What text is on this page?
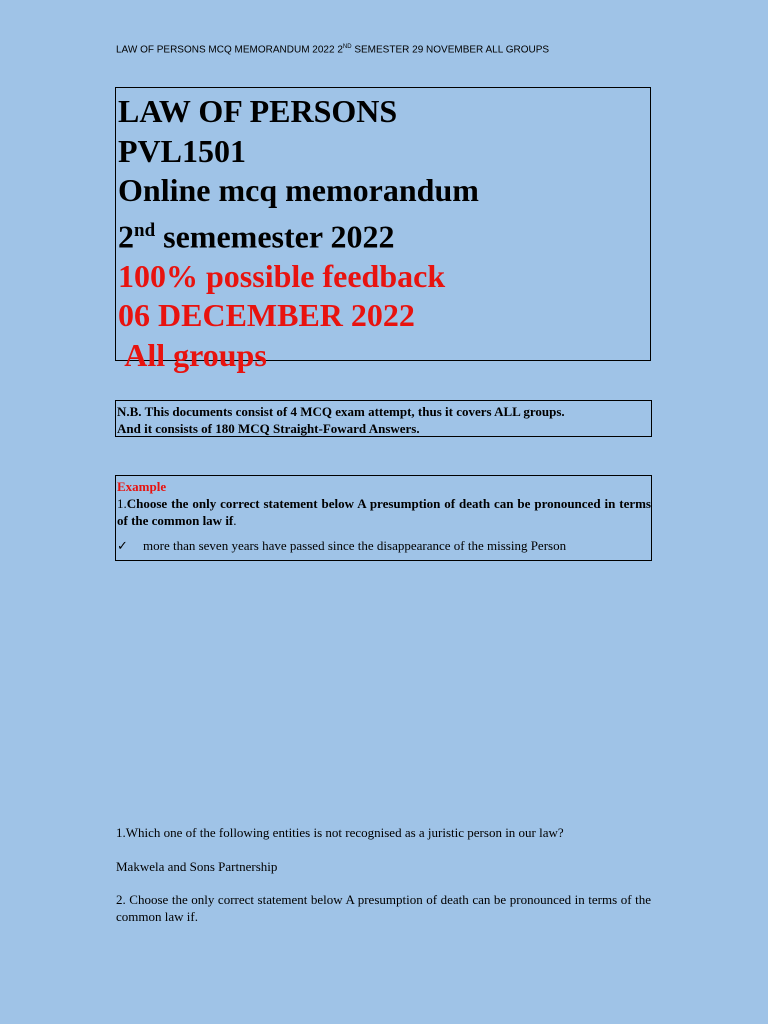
LAW OF PERSONS MCQ MEMORANDUM 2022 2ND SEMESTER 29 NOVEMBER ALL GROUPS
LAW OF PERSONS
PVL1501
Online mcq memorandum
2nd sememester 2022
100% possible feedback
06 DECEMBER 2022
All groups
N.B. This documents consist of 4 MCQ exam attempt, thus it covers ALL groups.
And it consists of 180 MCQ Straight-Foward Answers.
Example
1.Choose the only correct statement below A presumption of death can be pronounced in terms of the common law if.
✓ more than seven years have passed since the disappearance of the missing Person
1.Which one of the following entities is not recognised as a juristic person in our law?
Makwela and Sons Partnership
2. Choose the only correct statement below A presumption of death can be pronounced in terms of the common law if.
